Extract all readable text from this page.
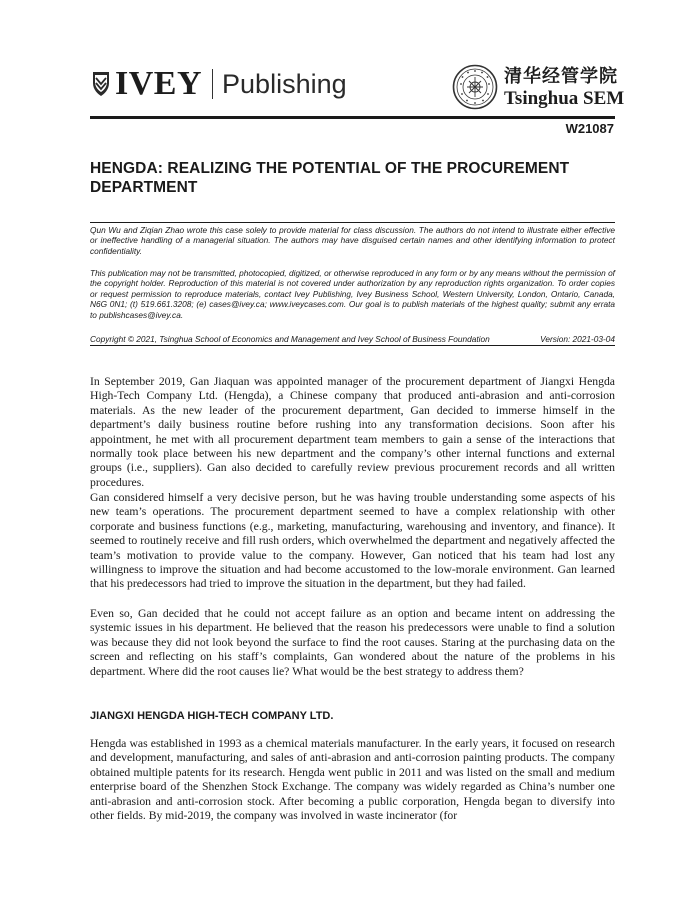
IVEY Publishing	清华经管学院
Tsinghua SEM
W21087
HENGDA: REALIZING THE POTENTIAL OF THE PROCUREMENT DEPARTMENT

Qun Wu and Ziqian Zhao wrote this case solely to provide material for class discussion. The authors do not intend to illustrate either effective or ineffective handling of a managerial situation. The authors may have disguised certain names and other identifying information to protect confidentiality.

This publication may not be transmitted, photocopied, digitized, or otherwise reproduced in any form or by any means without the permission of the copyright holder. Reproduction of this material is not covered under authorization by any reproduction rights organization. To order copies or request permission to reproduce materials, contact Ivey Publishing, Ivey Business School, Western University, London, Ontario, Canada, N6G 0N1; (t) 519.661.3208; (e) cases@ivey.ca; www.iveycases.com. Our goal is to publish materials of the highest quality; submit any errata to publishcases@ivey.ca.

Copyright © 2021, Tsinghua School of Economics and Management and Ivey School of Business Foundation	Version: 2021-03-04

In September 2019, Gan Jiaquan was appointed manager of the procurement department of Jiangxi Hengda High-Tech Company Ltd. (Hengda), a Chinese company that produced anti-abrasion and anti-corrosion materials. As the new leader of the procurement department, Gan decided to immerse himself in the department’s daily business routine before rushing into any transformation decisions. Soon after his appointment, he met with all procurement department team members to gain a sense of the interactions that normally took place between his new department and the company’s other internal functions and external groups (i.e., suppliers). Gan also decided to carefully review previous procurement records and all written procedures.

Gan considered himself a very decisive person, but he was having trouble understanding some aspects of his new team’s operations. The procurement department seemed to have a complex relationship with other corporate and business functions (e.g., marketing, manufacturing, warehousing and inventory, and finance). It seemed to routinely receive and fill rush orders, which overwhelmed the department and negatively affected the team’s motivation to provide value to the company. However, Gan noticed that his team had lost any willingness to improve the situation and had become accustomed to the low-morale environment. Gan learned that his predecessors had tried to improve the situation in the department, but they had failed.

Even so, Gan decided that he could not accept failure as an option and became intent on addressing the systemic issues in his department. He believed that the reason his predecessors were unable to find a solution was because they did not look beyond the surface to find the root causes. Staring at the purchasing data on the screen and reflecting on his staff’s complaints, Gan wondered about the nature of the problems in his department. Where did the root causes lie? What would be the best strategy to address them?

JIANGXI HENGDA HIGH-TECH COMPANY LTD.

Hengda was established in 1993 as a chemical materials manufacturer. In the early years, it focused on research and development, manufacturing, and sales of anti-abrasion and anti-corrosion painting products. The company obtained multiple patents for its research. Hengda went public in 2011 and was listed on the small and medium enterprise board of the Shenzhen Stock Exchange. The company was widely regarded as China’s number one anti-abrasion and anti-corrosion stock. After becoming a public corporation, Hengda began to diversify into other fields. By mid-2019, the company was involved in waste incinerator (for
